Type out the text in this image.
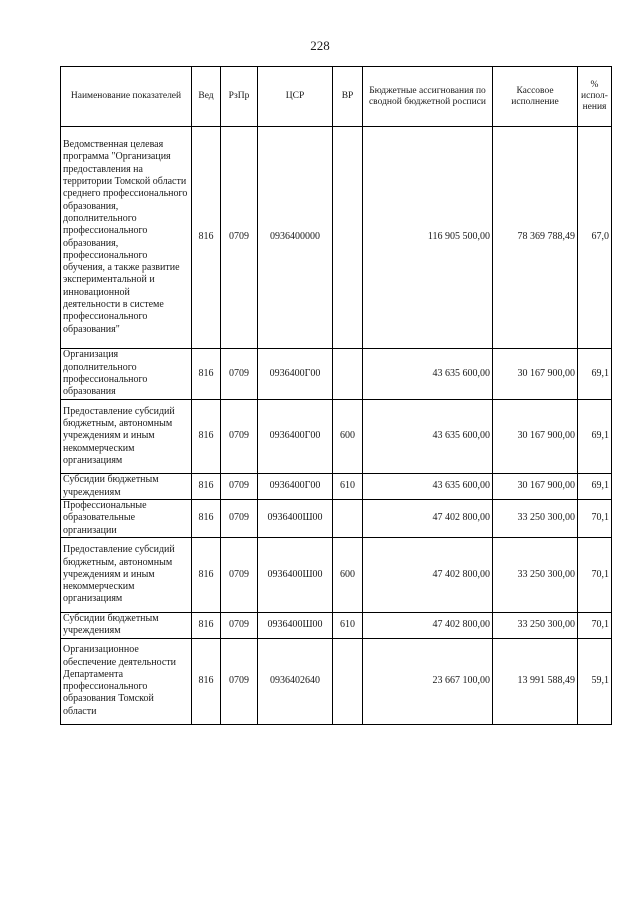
228
Наименование показателей	Вед	РзПр	ЦСР	ВР	Бюджетные ассигнования по сводной бюджетной росписи	Кассовое исполнение	% испол-нения
Ведомственная целевая программа "Организация предоставления на территории Томской области среднего профессионального образования, дополнительного профессионального образования, профессионального обучения, а также развитие экспериментальной и инновационной деятельности в системе профессионального образования"	816	0709	0936400000		116 905 500,00	78 369 788,49	67,0
Организация дополнительного профессионального образования	816	0709	0936400Г00		43 635 600,00	30 167 900,00	69,1
Предоставление субсидий бюджетным, автономным учреждениям и иным некоммерческим организациям	816	0709	0936400Г00	600	43 635 600,00	30 167 900,00	69,1
Субсидии бюджетным учреждениям	816	0709	0936400Г00	610	43 635 600,00	30 167 900,00	69,1
Профессиональные образовательные организации	816	0709	0936400Ш00		47 402 800,00	33 250 300,00	70,1
Предоставление субсидий бюджетным, автономным учреждениям и иным некоммерческим организациям	816	0709	0936400Ш00	600	47 402 800,00	33 250 300,00	70,1
Субсидии бюджетным учреждениям	816	0709	0936400Ш00	610	47 402 800,00	33 250 300,00	70,1
Организационное обеспечение деятельности Департамента профессионального образования Томской области	816	0709	0936402640		23 667 100,00	13 991 588,49	59,1
